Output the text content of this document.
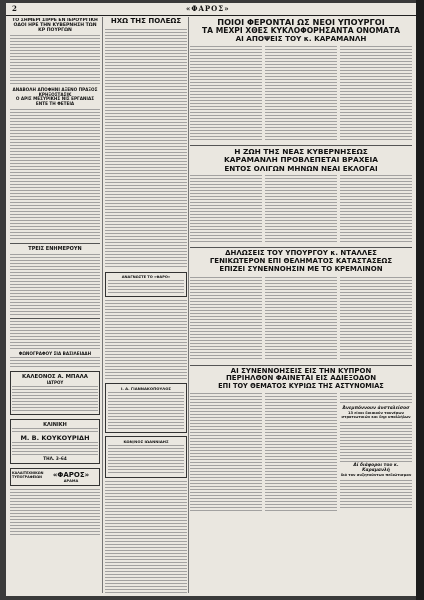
2	«ΦΑΡΟΣ»
ΤΟ ΣΗΜΕΡΙ ΣΙΡΡΕ ΕΝ ΙΕΡΟΥΡΓΙΚΗ ΟΔΟΙ ΗΡΕ ΤΗΝ ΚΥΒΕΡΝΗΣΗ ΤΩΝ ΚΡ ΠΟΥΡΓΩΝ
ΑΝΑΒΟΛΗ ΑΠΟΦΗΝΙ ΑΞΕΝΟ ΠΡΑΞΟΣ ΚΡΗΞΟΣΤΑΣΙΚ
Ο ΑΡΙΣ ΜΕΣΥΡΙΚΗΣ ΝΙΣ ΕΡΓΑΝΙΑΣ ΕΝΤΕ ΤΗ ΦΕΤΕΙΑ
ΤΡΕΙΣ ΕΝΗΜΕΡΟΥΝ
ΦΩΝΟΓΡΑΦΟΥ ΣΙΑ ΒΑΣΙΛΕΙΑΔΗ
ΚΑΛΕΟΝΟΣ Α. ΜΠΑΛΑ
ΙΑΤΡΟΥ
ΚΛΙΝΙΚΗ
Μ. Β. ΚΟΥΚΟΥΡΙΔΗ
ΤΗΛ. 3–64
ΚΑΛΑΙΤΕΧΝΙΚΩΝ ΤΥΠΟΓΡΑΦΕΙΩΝ	«ΦΑΡΟΣ»
ΔΡΑΜΑ
ΗΧΩ ΤΗΣ ΠΟΛΕΩΣ
ΑΝΑΓΝΩΣΤΕ ΤΟ «ΦΑΡΟ»
Ι. Α. ΓΙΑΝΝΑΚΟΠΟΥΛΟΣ
ΚΩΝ/ΝΟΣ ΙΩΑΝΝΙΔΗΣ
ΠΟΙΟΙ ΦΕΡΟΝΤΑΙ ΩΣ ΝΕΟΙ ΥΠΟΥΡΓΟΙ
ΤΑ ΜΕΧΡΙ ΧΘΕΣ ΚΥΚΛΟΦΟΡΗΣΑΝΤΑ ΟΝΟΜΑΤΑ
ΑΙ ΑΠΟΨΕΙΣ ΤΟΥ κ. ΚΑΡΑΜΑΝΛΗ
Η ΖΩΗ ΤΗΣ ΝΕΑΣ ΚΥΒΕΡΝΗΣΕΩΣ
ΚΑΡΑΜΑΝΛΗ ΠΡΟΒΛΕΠΕΤΑΙ ΒΡΑΧΕΙΑ
ΕΝΤΟΣ ΟΛΙΓΩΝ ΜΗΝΩΝ ΝΕΑΙ ΕΚΛΟΓΑΙ
ΔΗΛΩΣΕΙΣ ΤΟΥ ΥΠΟΥΡΓΟΥ κ. ΝΤΑΛΛΕΣ
ΓΕΝΙΚΩΤΕΡΟΝ ΕΠΙ ΘΕΛΗΜΑΤΟΣ ΚΑΤΑΣΤΑΣΕΩΣ
ΕΠΙΖΕΙ ΣΥΝΕΝΝΟΗΣΙΝ ΜΕ ΤΟ ΚΡΕΜΛΙΝΟΝ
ΑΙ ΣΥΝΕΝΝΟΗΣΕΙΣ ΕΙΣ ΤΗΝ ΚΥΠΡΟΝ
ΠΕΡΙΗΛΘΟΝ ΦΑΙΝΕΤΑΙ ΕΙΣ ΑΔΙΕΞΟΔΟΝ
ΕΠΙ ΤΟΥ ΘΕΜΑΤΟΣ ΚΥΡΙΩΣ ΤΗΣ ΑΣΤΥΝΟΜΙΑΣ
Άνεμπόννουν άνσταλείσοσ
13 είναι δικαιούν τουνέρων στρατιωτικών και δηρ υπαλλήλων
Αί διάφοροι του κ. Καραμανλή
διά τον συζητούντων πεδιώτισμον
